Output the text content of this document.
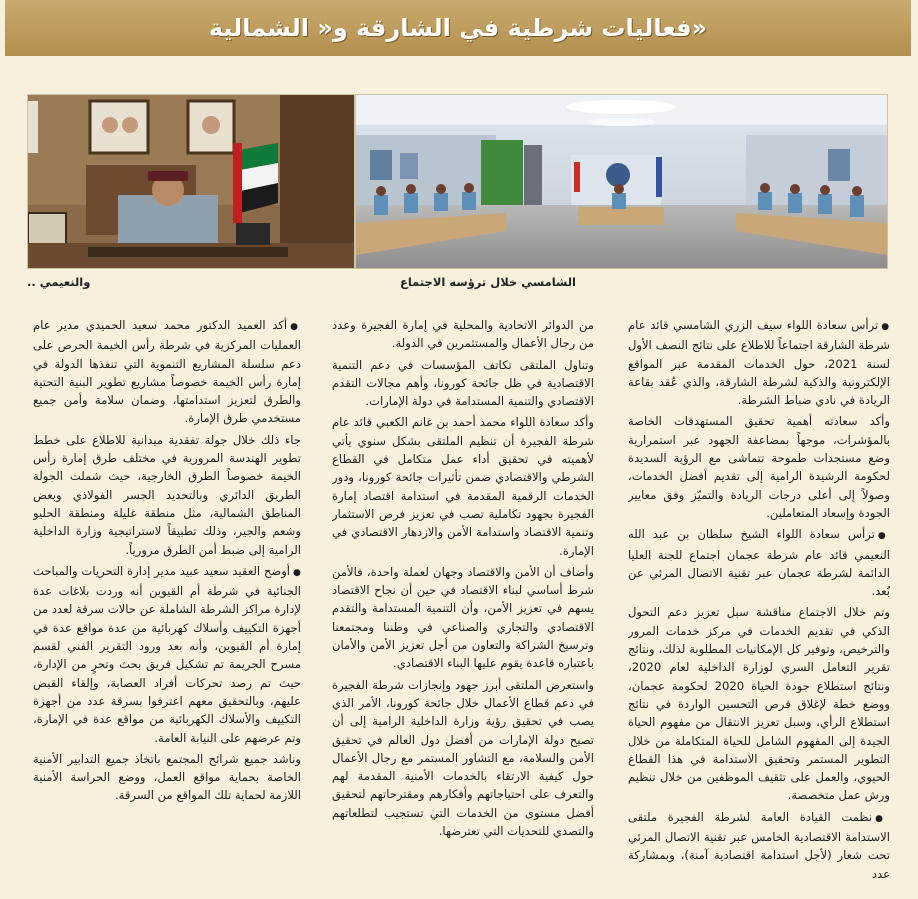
فعاليات شرطية في الشارقة و« الشمالية»
الشامسي خلال ترؤسه الاجتماع
.. والنعيمي

●ترأس سعادة اللواء سيف الزري الشامسي قائد عام شرطة الشارقة اجتماعاً للاطلاع على نتائج النصف الأول لسنة 2021، حول الخدمات المقدمة عبر المواقع الإلكترونية والذكية لشرطة الشارقة، والذي عُقد بقاعة الريادة في نادي ضباط الشرطة.

وأكد سعادته أهمية تحقيق المستهدفات الخاصة بالمؤشرات، موجهاً بمضاعفة الجهود عبر استمرارية وضع مستجدات طموحة تتماشى مع الرؤية السديدة لحكومة الرشيدة الرامية إلى تقديم أفضل الخدمات، وصولاً إلى أعلى درجات الريادة والتميّز وفق معايير الجودة وإسعاد المتعاملين.

●ترأس سعادة اللواء الشيخ سلطان بن عبد الله النعيمي قائد عام شرطة عجمان اجتماع للجنة العليا الدائمة لشرطة عجمان عبر تقنية الاتصال المرئي عن بُعد.

وتم خلال الاجتماع مناقشة سبل تعزيز دعم التحول الذكي في تقديم الخدمات في مركز خدمات المرور والترخيص، وتوفير كل الإمكانيات المطلوبة لذلك، ونتائج تقرير التعامل السري لوزارة الداخلية لعام 2020، ونتائج استطلاع جودة الحياة 2020 لحكومة عجمان، ووضع خطة لإغلاق فرص التحسين الواردة في نتائج استطلاع الرأي، وسبل تعزيز الانتقال من مفهوم الحياة الجيدة إلى المفهوم الشامل للحياة المتكاملة من خلال التطوير المستمر وتحقيق الاستدامة في هذا القطاع الحيوي، والعمل على تثقيف الموظفين من خلال تنظيم ورش عمل متخصصة.

●نظمت القيادة العامة لشرطة الفجيرة ملتقى الاستدامة الاقتصادية الخامس عبر تقنية الاتصال المرئي تحت شعار (لأجل استدامة اقتصادية آمنة)، وبمشاركة عدد

من الدوائر الاتحادية والمحلية في إمارة الفجيرة وعدد من رجال الأعمال والمستثمرين في الدولة.

وتناول الملتقى تكاتف المؤسسات في دعم التنمية الاقتصادية في ظل جائحة كورونا، وأهم مجالات التقدم الاقتصادي والتنمية المستدامة في دولة الإمارات.

وأكد سعادة اللواء محمد أحمد بن غانم الكعبي قائد عام شرطة الفجيرة أن تنظيم الملتقى بشكل سنوي يأتي لأهميته في تحقيق أداء عمل متكامل في القطاع الشرطي والاقتصادي ضمن تأثيرات جائحة كورونا، ودور الخدمات الرقمية المقدمة في استدامة اقتصاد إمارة الفجيرة بجهود تكاملية تصب في تعزيز فرص الاستثمار وتنمية الاقتصاد واستدامة الأمن والازدهار الاقتصادي في الإمارة.

وأضاف أن الأمن والاقتصاد وجهان لعملة واحدة، فالأمن شرط أساسي لبناء الاقتصاد في حين أن نجاح الاقتصاد يسهم في تعزيز الأمن، وأن التنمية المستدامة والتقدم الاقتصادي والتجاري والصناعي في وطننا ومجتمعنا وترسيخ الشراكة والتعاون من أجل تعزيز الأمن والأمان باعتباره قاعدة يقوم عليها البناء الاقتصادي.

واستعرض الملتقى أبرز جهود وإنجازات شرطة الفجيرة في دعم قطاع الأعمال خلال جائحة كورونا، الأمر الذي يصب في تحقيق رؤية وزارة الداخلية الرامية إلى أن تصبح دولة الإمارات من أفضل دول العالم في تحقيق الأمن والسلامة، مع التشاور المستمر مع رجال الأعمال حول كيفية الارتقاء بالخدمات الأمنية المقدمة لهم والتعرف على احتياجاتهم وأفكارهم ومقترحاتهم لتحقيق أفضل مستوى من الخدمات التي تستجيب لتطلعاتهم والتصدي للتحديات التي تعترضها.

●أكد العميد الدكتور محمد سعيد الحميدي مدير عام العمليات المركزية في شرطة رأس الخيمة الحرص على دعم سلسلة المشاريع التنموية التي تنفذها الدولة في إمارة رأس الخيمة خصوصاً مشاريع تطوير البنية التحتية والطرق لتعزيز استدامتها، وضمان سلامة وأمن جميع مستخدمي طرق الإمارة.

جاء ذلك خلال جولة تفقدية ميدانية للاطلاع على خطط تطوير الهندسة المرورية في مختلف طرق إمارة رأس الخيمة خصوصاً الطرق الخارجية، حيث شملت الجولة الطريق الدائري وبالتحديد الجسر الفولاذي وبعض المناطق الشمالية، مثل منطقة غليلة ومنطقة الحليو وشعم والجير، وذلك تطبيقاً لاستراتيجية وزارة الداخلية الرامية إلى ضبط أمن الطرق مرورياً.

●أوضح العقيد سعيد عبيد مدير إدارة التحريات والمباحث الجنائية في شرطة أم القيوين أنه وردت بلاغات عدة لإدارة مراكز الشرطة الشاملة عن حالات سرقة لعدد من أجهزة التكييف وأسلاك كهربائية من عدة مواقع عدة في إمارة أم القيوين، وأنه بعد ورود التقرير الفني لقسم مسرح الجريمة تم تشكيل فريق بحث وتحرٍ من الإدارة، حيث تم رصد تحركات أفراد العصابة، وإلقاء القبض عليهم، وبالتحقيق معهم اعترفوا بسرقة عدد من أجهزة التكييف والأسلاك الكهربائية من مواقع عدة في الإمارة، وتم عرضهم على النيابة العامة.

وناشد جميع شرائح المجتمع باتخاذ جميع التدابير الأمنية الخاصة بحماية مواقع العمل، ووضع الحراسة الأمنية اللازمة لحماية تلك المواقع من السرقة.
